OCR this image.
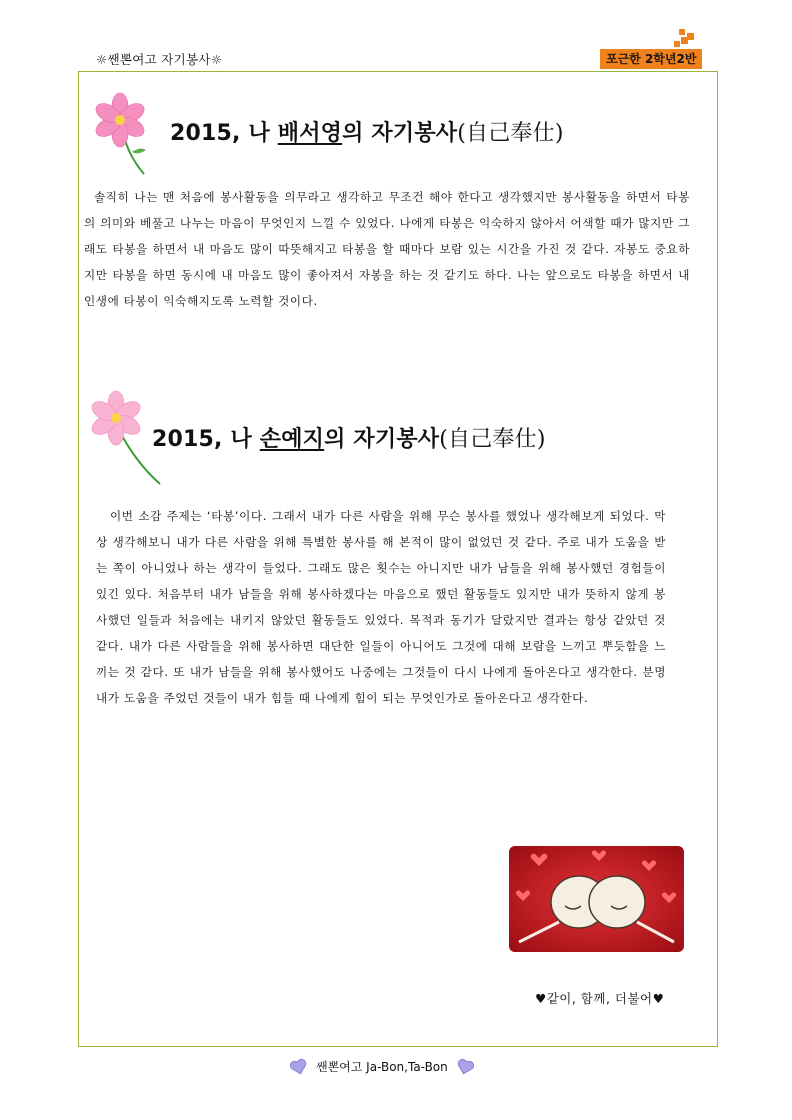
☼쌘뽄여고 자기봉사☼	포근한 2학년2반
2015, 나 배서영의 자기봉사(自己奉仕)
솔직히 나는 맨 처음에 봉사활동을 의무라고 생각하고 무조건 해야 한다고 생각했지만 봉사활동을 하면서 타봉의 의미와 베풀고 나누는 마음이 무엇인지 느낄 수 있었다. 나에게 타봉은 익숙하지 않아서 어색할 때가 많지만 그래도 타봉을 하면서 내 마음도 많이 따뜻해지고 타봉을 할 때마다 보람 있는 시간을 가진 것 같다. 자봉도 중요하지만 타봉을 하면 동시에 내 마음도 많이 좋아져서 자봉을 하는 것 같기도 하다. 나는 앞으로도 타봉을 하면서 내 인생에 타봉이 익숙해지도록 노력할 것이다.
2015, 나 손예지의 자기봉사(自己奉仕)
이번 소감 주제는 ‘타봉’이다. 그래서 내가 다른 사람을 위해 무슨 봉사를 했었나 생각해보게 되었다. 막상 생각해보니 내가 다른 사람을 위해 특별한 봉사를 해 본적이 많이 없었던 것 같다. 주로 내가 도움을 받는 쪽이 아니었나 하는 생각이 들었다. 그래도 많은 횟수는 아니지만 내가 남들을 위해 봉사했던 경험들이 있긴 있다. 처음부터 내가 남들을 위해 봉사하겠다는 마음으로 했던 활동들도 있지만 내가 뜻하지 않게 봉사했던 일들과 처음에는 내키지 않았던 활동들도 있었다. 목적과 동기가 달랐지만 결과는 항상 같았던 것 같다. 내가 다른 사람들을 위해 봉사하면 대단한 일들이 아니어도 그것에 대해 보람을 느끼고 뿌듯함을 느끼는 것 같다. 또 내가 남들을 위해 봉사했어도 나중에는 그것들이 다시 나에게 돌아온다고 생각한다. 분명 내가 도움을 주었던 것들이 내가 힘들 때 나에게 힘이 되는 무엇인가로 돌아온다고 생각한다.
♥같이, 함께, 더불어♥
쌘뽄여고 Ja-Bon,Ta-Bon
